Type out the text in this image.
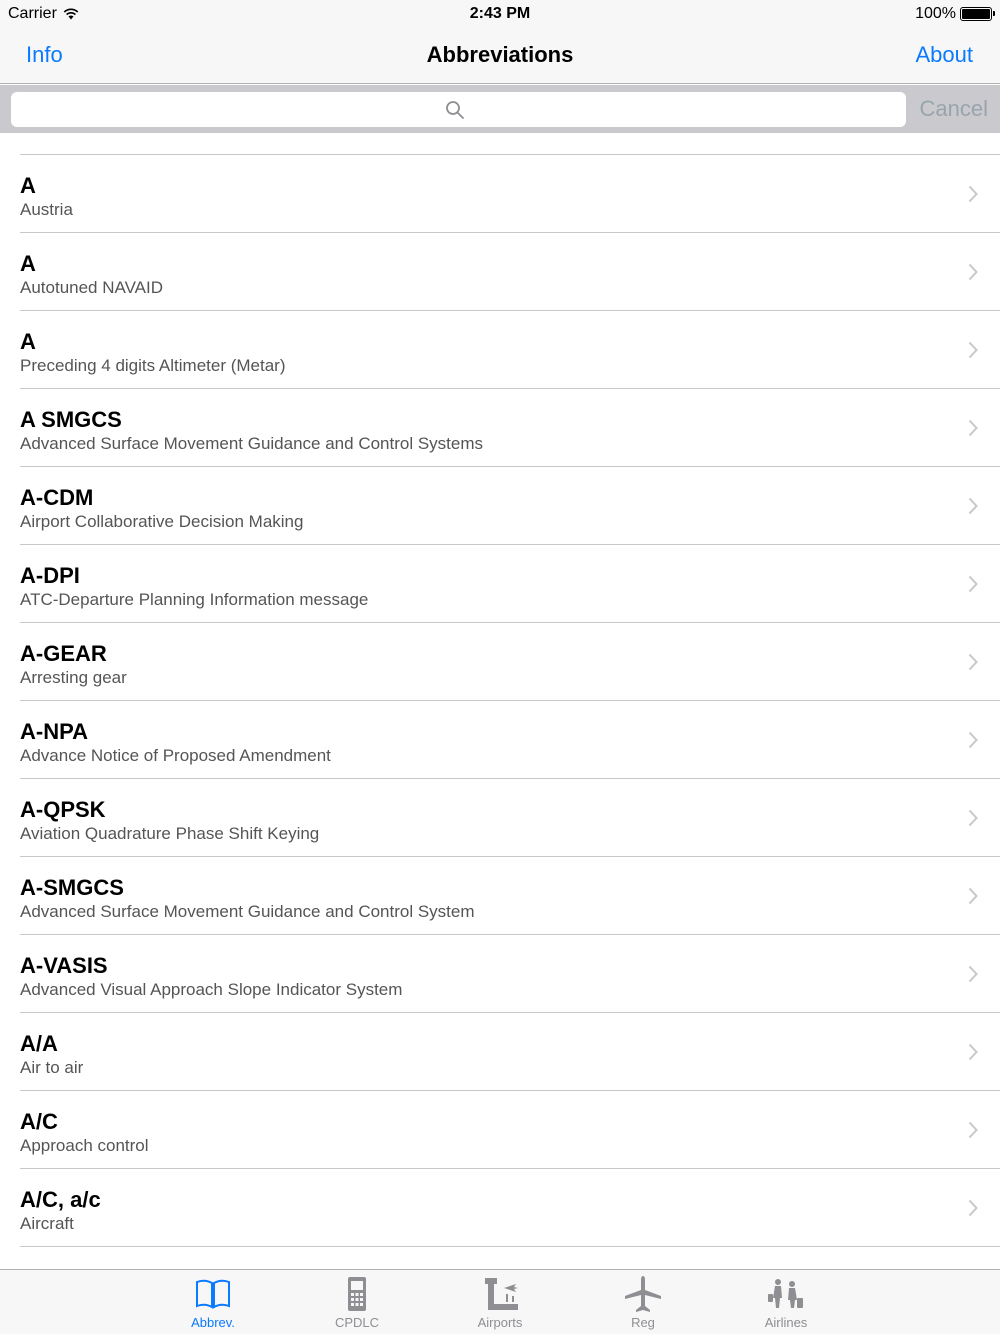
Carrier	2:43 PM	100%
Info	Abbreviations	About
Cancel
A
Austria
A
Autotuned NAVAID
A
Preceding 4 digits Altimeter (Metar)
A SMGCS
Advanced Surface Movement Guidance and Control Systems
A-CDM
Airport Collaborative Decision Making
A-DPI
ATC-Departure Planning Information message
A-GEAR
Arresting gear
A-NPA
Advance Notice of Proposed Amendment
A-QPSK
Aviation Quadrature Phase Shift Keying
A-SMGCS
Advanced Surface Movement Guidance and Control System
A-VASIS
Advanced Visual Approach Slope Indicator System
A/A
Air to air
A/C
Approach control
A/C, a/c
Aircraft
Abbrev.	CPDLC	Airports	Reg	Airlines
